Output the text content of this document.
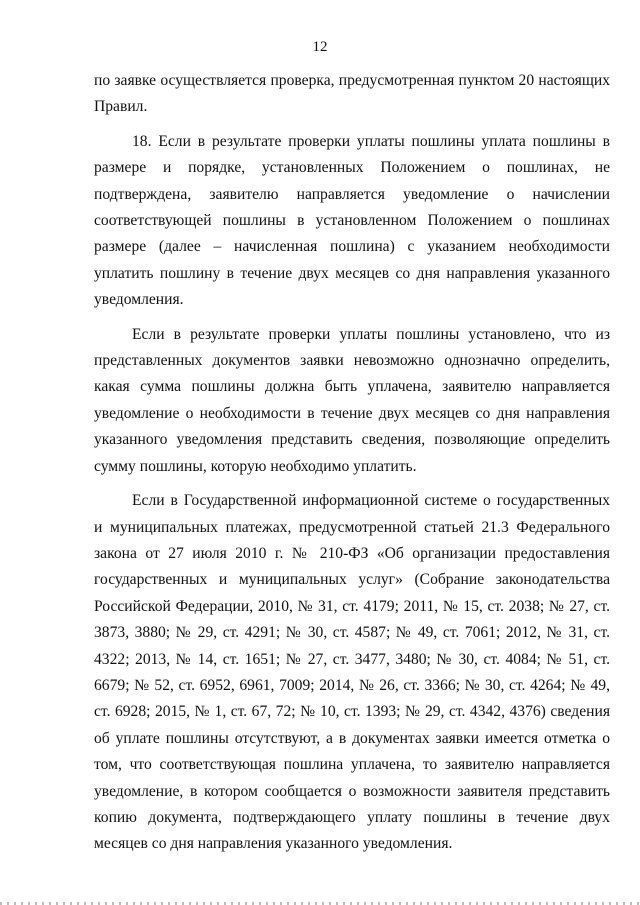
12

по заявке осуществляется проверка, предусмотренная пунктом 20 настоящих Правил.

18. Если в результате проверки уплаты пошлины уплата пошлины в размере и порядке, установленных Положением о пошлинах, не подтверждена, заявителю направляется уведомление о начислении соответствующей пошлины в установленном Положением о пошлинах размере (далее – начисленная пошлина) с указанием необходимости уплатить пошлину в течение двух месяцев со дня направления указанного уведомления.

Если в результате проверки уплаты пошлины установлено, что из представленных документов заявки невозможно однозначно определить, какая сумма пошлины должна быть уплачена, заявителю направляется уведомление о необходимости в течение двух месяцев со дня направления указанного уведомления представить сведения, позволяющие определить сумму пошлины, которую необходимо уплатить.

Если в Государственной информационной системе о государственных и муниципальных платежах, предусмотренной статьей 21.3 Федерального закона от 27 июля 2010 г. № 210-ФЗ «Об организации предоставления государственных и муниципальных услуг» (Собрание законодательства Российской Федерации, 2010, № 31, ст. 4179; 2011, № 15, ст. 2038; № 27, ст. 3873, 3880; № 29, ст. 4291; № 30, ст. 4587; № 49, ст. 7061; 2012, № 31, ст. 4322; 2013, № 14, ст. 1651; № 27, ст. 3477, 3480; № 30, ст. 4084; № 51, ст. 6679; № 52, ст. 6952, 6961, 7009; 2014, № 26, ст. 3366; № 30, ст. 4264; № 49, ст. 6928; 2015, № 1, ст. 67, 72; № 10, ст. 1393; № 29, ст. 4342, 4376) сведения об уплате пошлины отсутствуют, а в документах заявки имеется отметка о том, что соответствующая пошлина уплачена, то заявителю направляется уведомление, в котором сообщается о возможности заявителя представить копию документа, подтверждающего уплату пошлины в течение двух месяцев со дня направления указанного уведомления.
